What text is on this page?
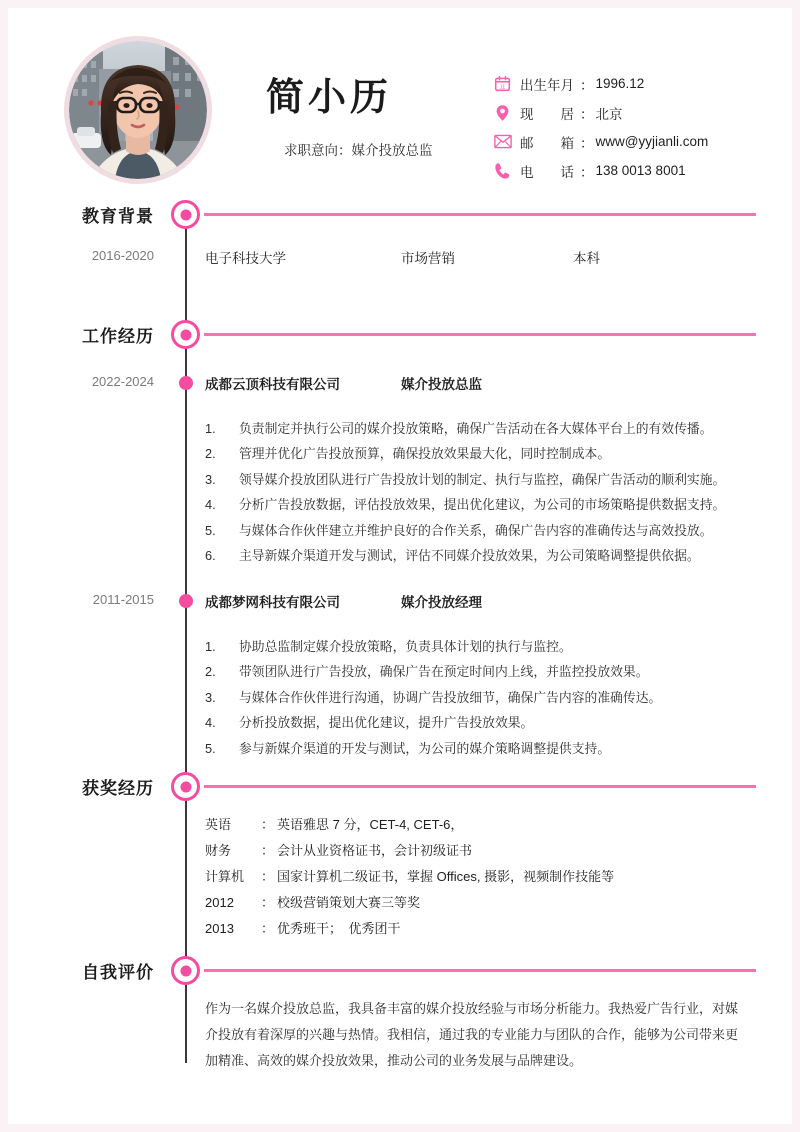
简小历
求职意向：媒介投放总监
11 出生年月 ： 1996.12
现　　居 ： 北京
邮　　箱 ： www@yyjianli.com
电　　话 ： 138 0013 8001
教育背景
2016-2020	电子科技大学	市场营销	本科
工作经历
2022-2024	成都云顶科技有限公司	媒介投放总监
1.	负责制定并执行公司的媒介投放策略，确保广告活动在各大媒体平台上的有效传播。
2.	管理并优化广告投放预算，确保投放效果最大化，同时控制成本。
3.	领导媒介投放团队进行广告投放计划的制定、执行与监控，确保广告活动的顺利实施。
4.	分析广告投放数据，评估投放效果，提出优化建议，为公司的市场策略提供数据支持。
5.	与媒体合作伙伴建立并维护良好的合作关系，确保广告内容的准确传达与高效投放。
6.	主导新媒介渠道开发与测试，评估不同媒介投放效果，为公司策略调整提供依据。
2011-2015	成都梦网科技有限公司	媒介投放经理
1.	协助总监制定媒介投放策略，负责具体计划的执行与监控。
2.	带领团队进行广告投放，确保广告在预定时间内上线，并监控投放效果。
3.	与媒体合作伙伴进行沟通，协调广告投放细节，确保广告内容的准确传达。
4.	分析投放数据，提出优化建议，提升广告投放效果。
5.	参与新媒介渠道的开发与测试，为公司的媒介策略调整提供支持。
获奖经历
英语　	： 英语雅思 7 分，CET-4, CET-6，
财务　	： 会计从业资格证书，会计初级证书
计算机	： 国家计算机二级证书，掌握 Offices, 摄影，视频制作技能等
2012	： 校级营销策划大赛三等奖
2013	： 优秀班干；　优秀团干
自我评价
作为一名媒介投放总监，我具备丰富的媒介投放经验与市场分析能力。我热爱广告行业，对媒
介投放有着深厚的兴趣与热情。我相信，通过我的专业能力与团队的合作，能够为公司带来更
加精准、高效的媒介投放效果，推动公司的业务发展与品牌建设。
